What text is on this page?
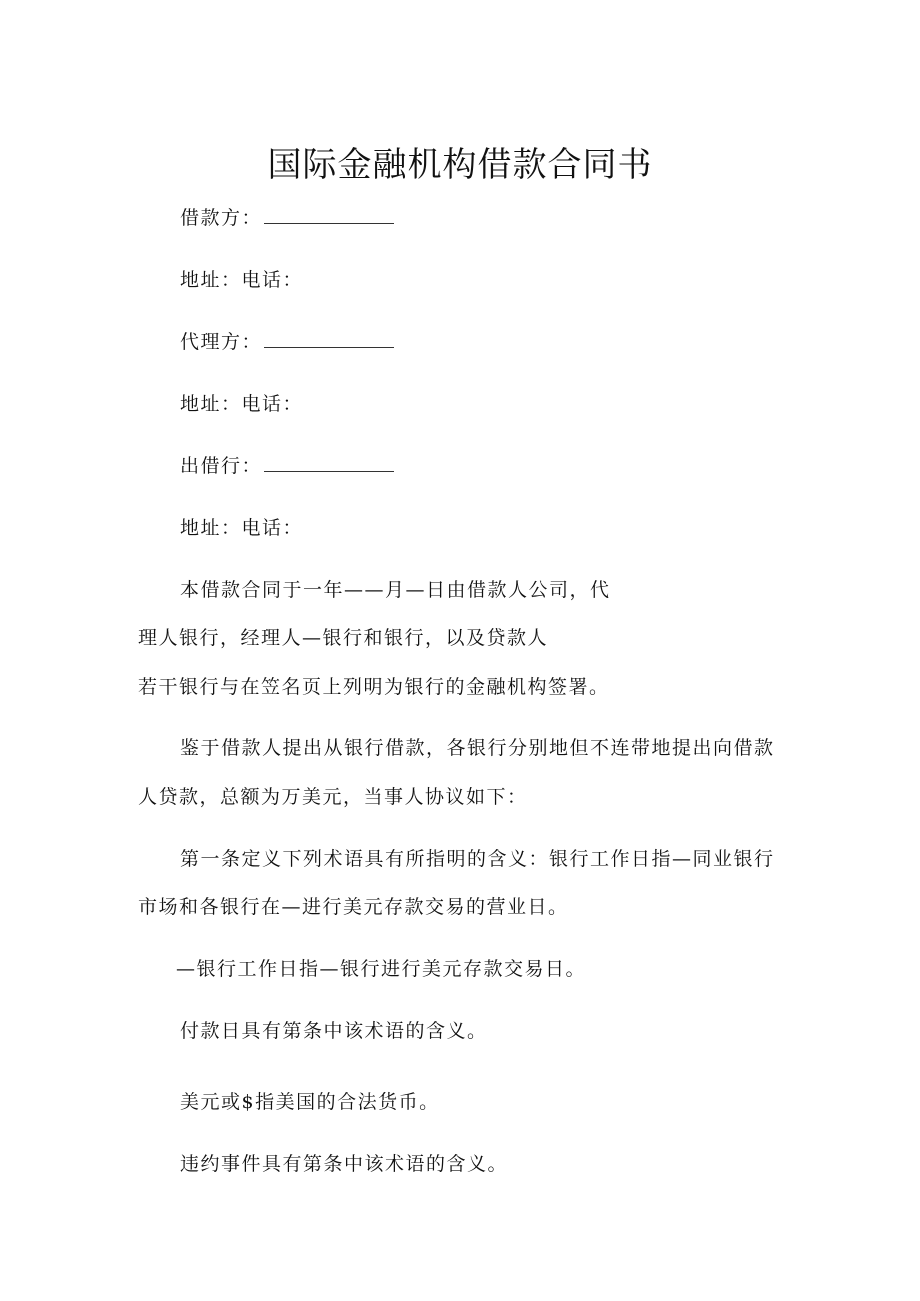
国际金融机构借款合同书
借款方：
地址：电话：
代理方：
地址：电话：
出借行：
地址：电话：
本借款合同于一年——月—日由借款人公司，代
理人银行，经理人—银行和银行，以及贷款人
若干银行与在笠名页上列明为银行的金融机构签署。
鉴于借款人提出从银行借款，各银行分别地但不连带地提出向借款
人贷款，总额为万美元，当事人协议如下：
第一条定义下列术语具有所指明的含义：银行工作日指—同业银行
市场和各银行在—进行美元存款交易的营业日。
—银行工作日指—银行进行美元存款交易日。
付款日具有第条中该术语的含义。
美元或$指美国的合法货币。
违约事件具有第条中该术语的含义。
